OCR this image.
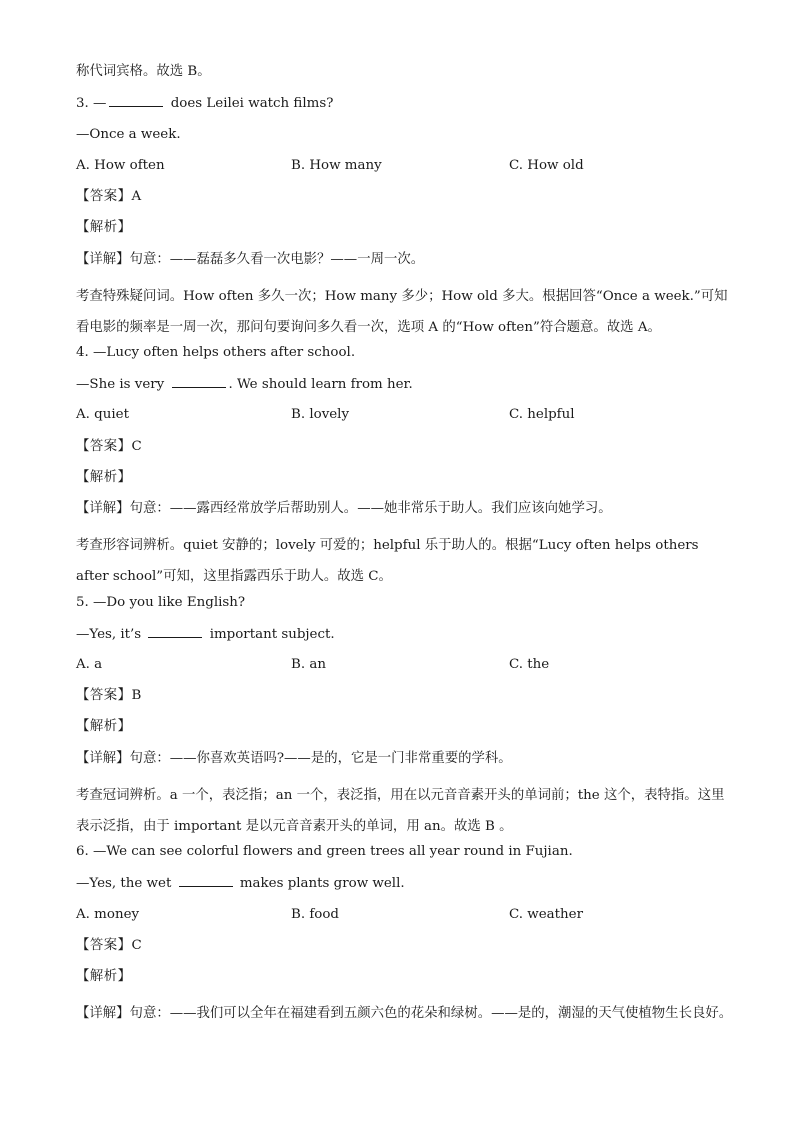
称代词宾格。故选 B。
3. —	does Leilei watch films?
—Once a week.
A. How often	B. How many	C. How old
【答案】A
【解析】
【详解】句意：——磊磊多久看一次电影？——一周一次。
考查特殊疑问词。How often 多久一次；How many 多少；How old 多大。根据回答“Once a week.”可知看电影的频率是一周一次，那问句要询问多久看一次，选项 A 的“How often”符合题意。故选 A。
4. —Lucy often helps others after school.
—She is very	. We should learn from her.
A. quiet	B. lovely	C. helpful
【答案】C
【解析】
【详解】句意：——露西经常放学后帮助别人。——她非常乐于助人。我们应该向她学习。
考查形容词辨析。quiet 安静的；lovely 可爱的；helpful 乐于助人的。根据“Lucy often helps others after school”可知，这里指露西乐于助人。故选 C。
5. —Do you like English?
—Yes, it’s	important subject.
A. a	B. an	C. the
【答案】B
【解析】
【详解】句意：——你喜欢英语吗?——是的，它是一门非常重要的学科。
考查冠词辨析。a 一个，表泛指；an 一个，表泛指，用在以元音音素开头的单词前；the 这个，表特指。这里表示泛指，由于 important 是以元音音素开头的单词，用 an。故选 B 。
6. —We can see colorful flowers and green trees all year round in Fujian.
—Yes, the wet	makes plants grow well.
A. money	B. food	C. weather
【答案】C
【解析】
【详解】句意：——我们可以全年在福建看到五颜六色的花朵和绿树。——是的，潮湿的天气使植物生长良好。
